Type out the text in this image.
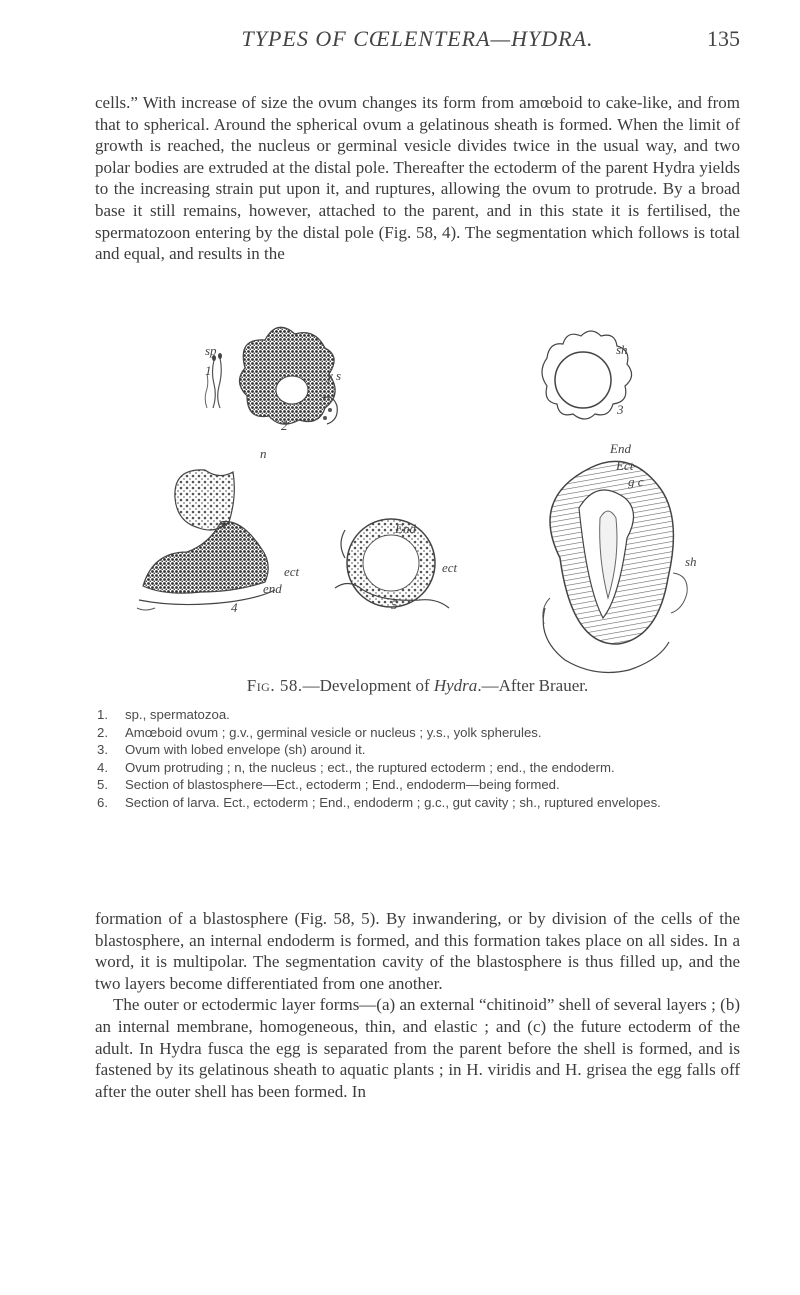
TYPES OF CŒLENTERA—HYDRA.	135

cells.” With increase of size the ovum changes its form from amœboid to cake-like, and from that to spherical. Around the spherical ovum a gelatinous sheath is formed. When the limit of growth is reached, the nucleus or germinal vesicle divides twice in the usual way, and two polar bodies are extruded at the distal pole. Thereafter the ectoderm of the parent Hydra yields to the increasing strain put upon it, and ruptures, allowing the ovum to protrude. By a broad base it still remains, however, attached to the parent, and in this state it is fertilised, the spermatozoon entering by the distal pole (Fig. 58, 4). The segmentation which follows is total and equal, and results in the

sp
1	y s
2
sh
3
n
ect
end
4
End
ect
5
End
Ect
g c
sh
Fig. 58.—Development of Hydra.—After Brauer.
1. sp., spermatozoa.
2. Amœboid ovum ; g.v., germinal vesicle or nucleus ; y.s., yolk spherules.
3. Ovum with lobed envelope (sh) around it.
4. Ovum protruding ; n, the nucleus ; ect., the ruptured ectoderm ; end., the endoderm.
5. Section of blastosphere—Ect., ectoderm ; End., endoderm—being formed.
6. Section of larva. Ect., ectoderm ; End., endoderm ; g.c., gut cavity ; sh., ruptured envelopes.

formation of a blastosphere (Fig. 58, 5). By inwandering, or by division of the cells of the blastosphere, an internal endoderm is formed, and this formation takes place on all sides. In a word, it is multipolar. The segmentation cavity of the blastosphere is thus filled up, and the two layers become differentiated from one another.

The outer or ectodermic layer forms—(a) an external “chitinoid” shell of several layers ; (b) an internal membrane, homogeneous, thin, and elastic ; and (c) the future ectoderm of the adult. In Hydra fusca the egg is separated from the parent before the shell is formed, and is fastened by its gelatinous sheath to aquatic plants ; in H. viridis and H. grisea the egg falls off after the outer shell has been formed. In
